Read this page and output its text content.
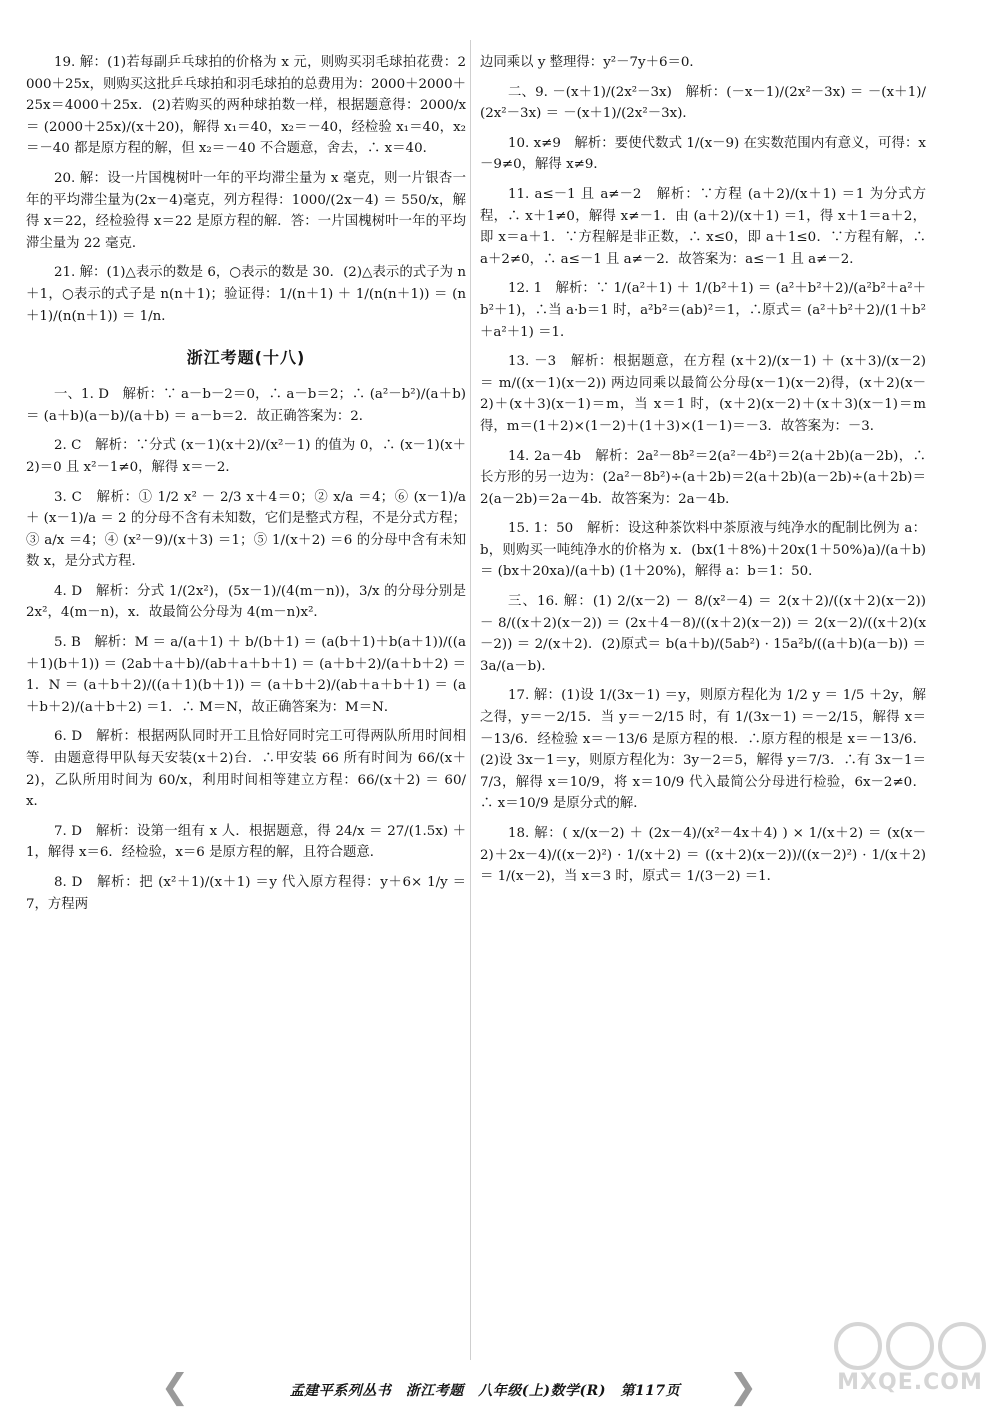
19. 解：(1)若每副乒乓球拍的价格为 x 元，则购买羽毛球拍花费：2000＋25x，则购买这批乒乓球拍和羽毛球拍的总费用为：2000＋2000＋25x＝4000＋25x．(2)若购买的两种球拍数一样，根据题意得：2000/x ＝ (2000＋25x)/(x＋20)，解得 x₁＝40，x₂＝－40，经检验 x₁＝40，x₂＝－40 都是原方程的解，但 x₂＝－40 不合题意，舍去，∴ x＝40．

20. 解：设一片国槐树叶一年的平均滞尘量为 x 毫克，则一片银杏一年的平均滞尘量为(2x－4)毫克，列方程得：1000/(2x－4) ＝ 550/x，解得 x＝22，经检验得 x＝22 是原方程的解．答：一片国槐树叶一年的平均滞尘量为 22 毫克．

21. 解：(1)△表示的数是 6，○表示的数是 30．(2)△表示的式子为 n＋1，○表示的式子是 n(n＋1)；验证得：1/(n＋1) ＋ 1/(n(n＋1)) ＝ (n＋1)/(n(n＋1)) ＝ 1/n．

浙江考题(十八)

一、1. D　解析：∵ a－b－2＝0，∴ a－b＝2；∴ (a²－b²)/(a＋b) ＝ (a＋b)(a－b)/(a＋b) ＝ a－b＝2．故正确答案为：2．

2. C　解析：∵分式 (x－1)(x＋2)/(x²－1) 的值为 0，∴ (x－1)(x＋2)＝0 且 x²－1≠0，解得 x＝－2．

3. C　解析：① 1/2 x² － 2/3 x＋4＝0；② x/a ＝4；⑥ (x－1)/a ＋ (x－1)/a ＝ 2 的分母不含有未知数，它们是整式方程，不是分式方程；③ a/x ＝4；④ (x²－9)/(x＋3) ＝1；⑤ 1/(x＋2) ＝6 的分母中含有未知数 x，是分式方程．

4. D　解析：分式 1/(2x²)，(5x－1)/(4(m－n))，3/x 的分母分别是 2x²，4(m－n)，x．故最简公分母为 4(m－n)x²．

5. B　解析：M ＝ a/(a＋1) ＋ b/(b＋1) ＝ (a(b＋1)＋b(a＋1))/((a＋1)(b＋1)) ＝ (2ab＋a＋b)/(ab＋a＋b＋1) ＝ (a＋b＋2)/(a＋b＋2) ＝1．N ＝ (a＋b＋2)/((a＋1)(b＋1)) ＝ (a＋b＋2)/(ab＋a＋b＋1) ＝ (a＋b＋2)/(a＋b＋2) ＝1．∴ M＝N，故正确答案为：M＝N．

6. D　解析：根据两队同时开工且恰好同时完工可得两队所用时间相等．由题意得甲队每天安装(x＋2)台．∴甲安装 66 所有时间为 66/(x＋2)，乙队所用时间为 60/x，利用时间相等建立方程：66/(x＋2) ＝ 60/x．

7. D　解析：设第一组有 x 人．根据题意，得 24/x ＝ 27/(1.5x) ＋1，解得 x＝6．经检验，x＝6 是原方程的解，且符合题意．

8. D　解析：把 (x²＋1)/(x＋1) ＝y 代入原方程得：y＋6× 1/y ＝7，方程两

边同乘以 y 整理得：y²－7y＋6＝0．

二、9. －(x＋1)/(2x²－3x)　解析：(－x－1)/(2x²－3x) ＝ －(x＋1)/(2x²－3x) ＝ －(x＋1)/(2x²－3x)．

10. x≠9　解析：要使代数式 1/(x－9) 在实数范围内有意义，可得：x－9≠0，解得 x≠9．

11. a≤－1 且 a≠－2　解析：∵方程 (a＋2)/(x＋1) ＝1 为分式方程，∴ x＋1≠0，解得 x≠－1．由 (a＋2)/(x＋1) ＝1，得 x＋1＝a＋2，即 x＝a＋1．∵方程解是非正数，∴ x≤0，即 a＋1≤0．∵方程有解，∴ a＋2≠0，∴ a≤－1 且 a≠－2．故答案为：a≤－1 且 a≠－2．

12. 1　解析：∵ 1/(a²＋1) ＋ 1/(b²＋1) ＝ (a²＋b²＋2)/(a²b²＋a²＋b²＋1)，∴当 a·b＝1 时，a²b²＝(ab)²＝1，∴原式＝ (a²＋b²＋2)/(1＋b²＋a²＋1) ＝1．

13. －3　解析：根据题意，在方程 (x＋2)/(x－1) ＋ (x＋3)/(x－2) ＝ m/((x－1)(x－2)) 两边同乘以最简公分母(x－1)(x－2)得，(x＋2)(x－2)＋(x＋3)(x－1)＝m，当 x＝1 时，(x＋2)(x－2)＋(x＋3)(x－1)＝m 得，m＝(1＋2)×(1－2)＋(1＋3)×(1－1)＝－3．故答案为：－3．

14. 2a－4b　解析：2a²－8b²＝2(a²－4b²)＝2(a＋2b)(a－2b)，∴长方形的另一边为：(2a²－8b²)÷(a＋2b)＝2(a＋2b)(a－2b)÷(a＋2b)＝2(a－2b)＝2a－4b．故答案为：2a－4b．

15. 1：50　解析：设这种茶饮料中茶原液与纯净水的配制比例为 a：b，则购买一吨纯净水的价格为 x．(bx(1＋8%)＋20x(1＋50%)a)/(a＋b) ＝ (bx＋20xa)/(a＋b) (1＋20%)，解得 a：b＝1：50．

三、16. 解：(1) 2/(x－2) － 8/(x²－4) ＝ 2(x＋2)/((x＋2)(x－2)) － 8/((x＋2)(x－2)) ＝ (2x＋4－8)/((x＋2)(x－2)) ＝ 2(x－2)/((x＋2)(x－2)) ＝ 2/(x＋2)．(2)原式＝ b(a＋b)/(5ab²) · 15a²b/((a＋b)(a－b)) ＝ 3a/(a－b)．

17. 解：(1)设 1/(3x－1) ＝y，则原方程化为 1/2 y ＝ 1/5 ＋2y，解之得，y＝－2/15．当 y＝－2/15 时，有 1/(3x－1) ＝－2/15，解得 x＝－13/6．经检验 x＝－13/6 是原方程的根．∴原方程的根是 x＝－13/6．(2)设 3x－1＝y，则原方程化为：3y－2＝5，解得 y＝7/3．∴有 3x－1＝7/3，解得 x＝10/9，将 x＝10/9 代入最简公分母进行检验，6x－2≠0．∴ x＝10/9 是原分式的解．

18. 解：( x/(x－2) ＋ (2x－4)/(x²－4x＋4) ) × 1/(x＋2) ＝ (x(x－2)＋2x－4)/((x－2)²) · 1/(x＋2) ＝ ((x＋2)(x－2))/((x－2)²) · 1/(x＋2) ＝ 1/(x－2)，当 x＝3 时，原式＝ 1/(3－2) ＝1．

❮	孟建平系列丛书　浙江考题　八年级(上)数学(R)　第117页	❯	MXQE.COM
